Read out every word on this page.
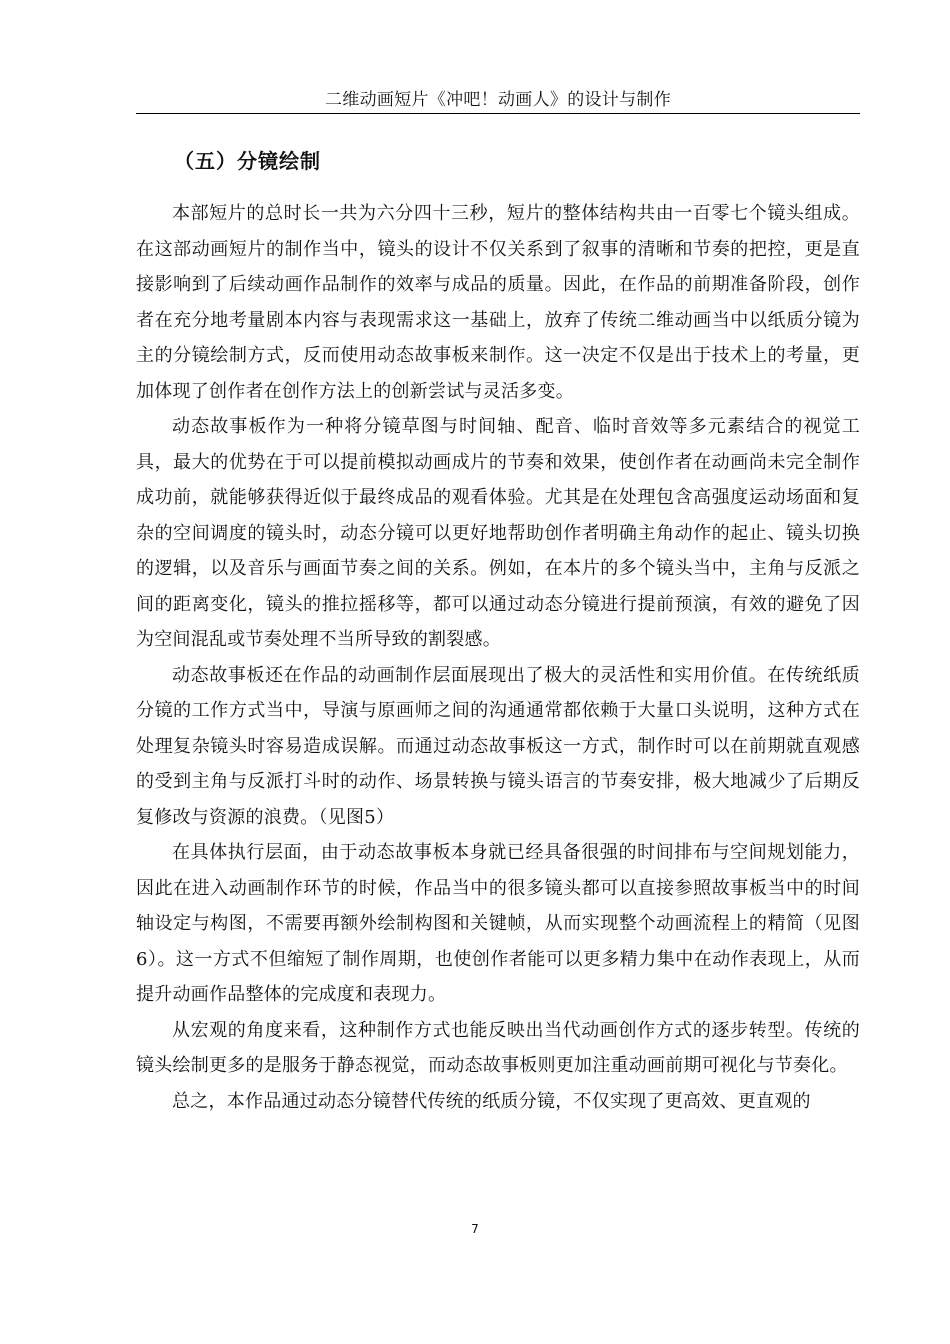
二维动画短片《冲吧！动画人》的设计与制作
（五）分镜绘制

本部短片的总时长一共为六分四十三秒，短片的整体结构共由一百零七个镜头组成。在这部动画短片的制作当中，镜头的设计不仅关系到了叙事的清晰和节奏的把控，更是直接影响到了后续动画作品制作的效率与成品的质量。因此，在作品的前期准备阶段，创作者在充分地考量剧本内容与表现需求这一基础上，放弃了传统二维动画当中以纸质分镜为主的分镜绘制方式，反而使用动态故事板来制作。这一决定不仅是出于技术上的考量，更加体现了创作者在创作方法上的创新尝试与灵活多变。

动态故事板作为一种将分镜草图与时间轴、配音、临时音效等多元素结合的视觉工具，最大的优势在于可以提前模拟动画成片的节奏和效果，使创作者在动画尚未完全制作成功前，就能够获得近似于最终成品的观看体验。尤其是在处理包含高强度运动场面和复杂的空间调度的镜头时，动态分镜可以更好地帮助创作者明确主角动作的起止、镜头切换的逻辑，以及音乐与画面节奏之间的关系。例如，在本片的多个镜头当中，主角与反派之间的距离变化，镜头的推拉摇移等，都可以通过动态分镜进行提前预演，有效的避免了因为空间混乱或节奏处理不当所导致的割裂感。

动态故事板还在作品的动画制作层面展现出了极大的灵活性和实用价值。在传统纸质分镜的工作方式当中，导演与原画师之间的沟通通常都依赖于大量口头说明，这种方式在处理复杂镜头时容易造成误解。而通过动态故事板这一方式，制作时可以在前期就直观感的受到主角与反派打斗时的动作、场景转换与镜头语言的节奏安排，极大地减少了后期反复修改与资源的浪费。（见图5）

在具体执行层面，由于动态故事板本身就已经具备很强的时间排布与空间规划能力，因此在进入动画制作环节的时候，作品当中的很多镜头都可以直接参照故事板当中的时间轴设定与构图，不需要再额外绘制构图和关键帧，从而实现整个动画流程上的精简（见图6）。这一方式不但缩短了制作周期，也使创作者能可以更多精力集中在动作表现上，从而提升动画作品整体的完成度和表现力。

从宏观的角度来看，这种制作方式也能反映出当代动画创作方式的逐步转型。传统的镜头绘制更多的是服务于静态视觉，而动态故事板则更加注重动画前期可视化与节奏化。

总之，本作品通过动态分镜替代传统的纸质分镜，不仅实现了更高效、更直观的

7
